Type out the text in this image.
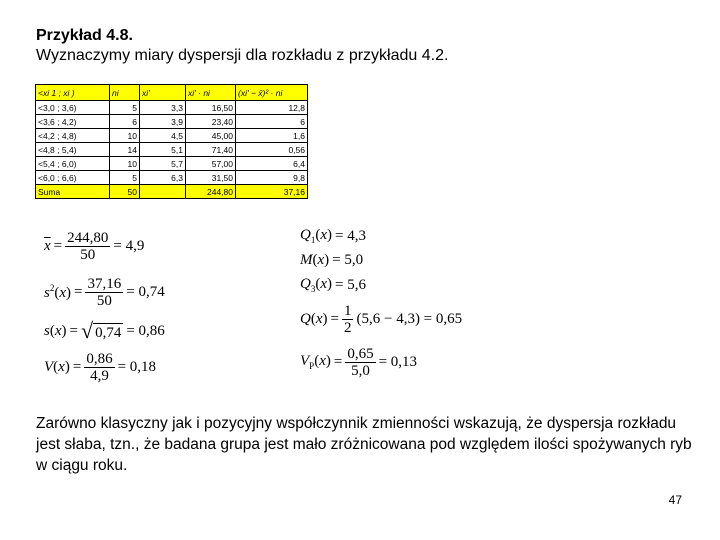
Przykład 4.8.
Wyznaczymy miary dyspersji dla rozkładu z przykładu 4.2.
<xi 1 ; xi )	ni	xi'	xi' · ni	(xi' − x̄)² · ni
<3,0 ; 3,6)	5	3,3	16,50	12,8
<3,6 ; 4,2)	6	3,9	23,40	6
<4,2 ; 4,8)	10	4,5	45,00	1,6
<4,8 ; 5,4)	14	5,1	71,40	0,56
<5,4 ; 6,0)	10	5,7	57,00	6,4
<6,0 ; 6,6)	5	6,3	31,50	9,8
Suma	50		244,80	37,16
$\overline{x} = \frac{244,80}{50} = 4,9$
$s^2(x) = \frac{37,16}{50} = 0,74$
s(x) = √ 0,74 = 0,86
$V(x) = \frac{0,86}{4,9} = 0,18$
$Q_1(x) = 4,3$
M(x) = 5,0
$Q_3(x) = 5,6$
$Q(x) = \frac{1}{2} (5,6 - 4,3) = 0,65$
$V_P(x) = \frac{0,65}{5,0} = 0,13$
Zarówno klasyczny jak i pozycyjny współczynnik zmienności wskazują, że dyspersja rozkładu jest słaba, tzn., że badana grupa jest mało zróżnicowana pod względem ilości spożywanych ryb w ciągu roku.
47
